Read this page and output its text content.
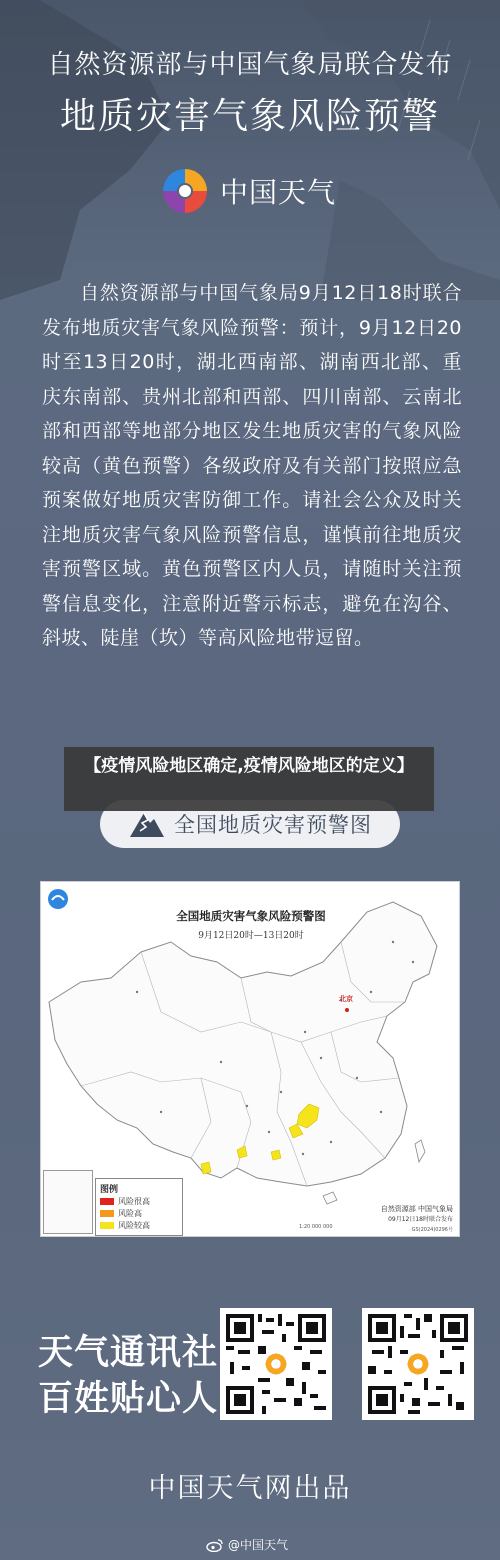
自然资源部与中国气象局联合发布
地质灾害气象风险预警
中国天气
自然资源部与中国气象局9月12日18时联合发布地质灾害气象风险预警：预计，9月12日20时至13日20时，湖北西南部、湖南西北部、重庆东南部、贵州北部和西部、四川南部、云南北部和西部等地部分地区发生地质灾害的气象风险较高（黄色预警）各级政府及有关部门按照应急预案做好地质灾害防御工作。请社会公众及时关注地质灾害气象风险预警信息，谨慎前往地质灾害预警区域。黄色预警区内人员，请随时关注预警信息变化，注意附近警示标志，避免在沟谷、斜坡、陡崖（坎）等高风险地带逗留。
全国地质灾害预警图
全国地质灾害气象风险预警图
9月12日20时—13日20时
北京
图例
风险很高
风险高
风险较高
自然资源部 中国气象局
09月12日18时联合发布
1:20 000 000	GS(2024)0296号
【疫情风险地区确定,疫情风险地区的定义】
天气通讯社
百姓贴心人
中国天气网出品
@中国天气
